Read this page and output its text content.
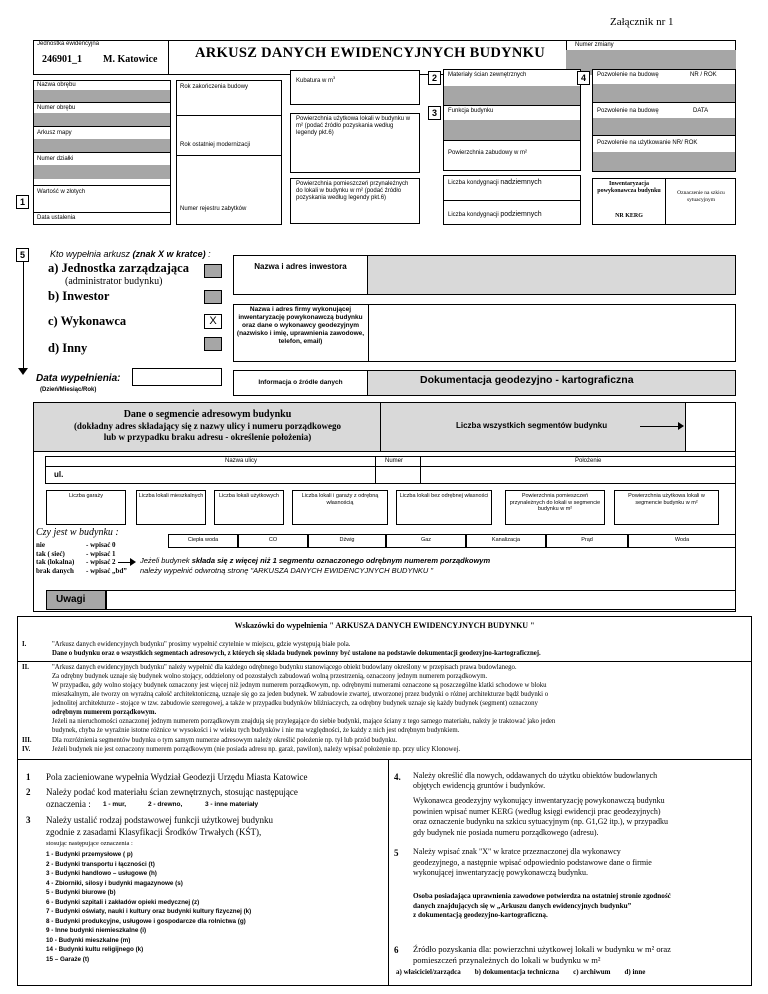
Załącznik nr 1
Jednostka ewidencyjna
246901_1 M. Katowice	ARKUSZ DANYCH EWIDENCYJNYCH BUDYNKU	Numer zmiany
Nazwa obrębu
Numer obrębu
Arkusz mapy
Numer działki
1
Wartość w złotych
Data ustalenia
Rok zakończenia budowy
Rok ostatniej modernizacji
Numer rejestru zabytków
Kubatura w $m^3$
Powierzchnia użytkowa lokali w budynku w m² (podać źródło pozyskania według legendy pkt.6)
Powierzchnia pomieszczeń przynależnych do lokali w budynku w m² (podać źródło pozyskania według legendy pkt.6)
2	Materiały ścian zewnętrznych
3	Funkcja budynku
Powierzchnia zabudowy w m²
Liczba kondygnacji nadziemnych
Liczba kondygnacji podziemnych
4	Pozwolenie na budowę	NR / ROK
Pozwolenie na budowę	DATA
Pozwolenie na użytkowanie NR/ ROK
Inwentaryzacja powykonawcza budynku
NR KERG
Oznaczenie na szkicu sytuacyjnym
5	Kto wypełnia arkusz (znak X w kratce) :
a) Jednostka zarządzająca
(administrator budynku)
b) Inwestor
c) Wykonawca	X
d) Inny
Nazwa i adres inwestora
Nazwa i adres firmy wykonującej inwentaryzację powykonawczą budynku oraz dane o wykonawcy geodezyjnym (nazwisko i imię, uprawnienia zawodowe, telefon, email)
Data wypełnienia:
(Dzień/Miesiąc/Rok)
Informacja o źródle danych	Dokumentacja geodezyjno - kartograficzna
Dane o segmencie adresowym budynku
(dokładny adres składający się z nazwy ulicy i numeru porządkowego
lub w przypadku braku adresu - określenie położenia)
Liczba wszystkich segmentów budynku
Nazwa ulicy	Numer	Położenie
ul.
Liczba garaży	Liczba lokali mieszkalnych	Liczba lokali użytkowych	Liczba lokali i garaży z odrębną własnością
Liczba lokali bez odrębnej własności	Powierzchnia pomieszczeń przynależnych do lokali w segmencie budynku w m²
Powierzchnia użytkowa lokali w segmencie budynku w m²
Czy jest w budynku :
nie	- wpisać 0
tak ( sieć)	- wpisać 1
tak (lokalna) - wpisać 2
brak danych - wpisać „bd”
Ciepła woda	CO	Dźwig	Gaz	Kanalizacja	Prąd	Woda
Jeżeli budynek składa się z więcej niż 1 segmentu oznaczonego odrębnym numerem porządkowym
należy wypełnić odwrotną stronę "ARKUSZA DANYCH EWIDENCYJNYCH BUDYNKU "
Uwagi
Wskazówki do wypełnienia " ARKUSZA DANYCH EWIDENCYJNYCH BUDYNKU "
I.	"Arkusz danych ewidencyjnych budynku" prosimy wypełnić czytelnie w miejscu, gdzie występują białe pola.
Dane o budynku oraz o wszystkich segmentach adresowych, z których się składa budynek powinny być ustalone na podstawie dokumentacji geodezyjno-kartograficznej.
II.	"Arkusz danych ewidencyjnych budynku" należy wypełnić dla każdego odrębnego budynku stanowiącego obiekt budowlany określony w przepisach prawa budowlanego.
Za odrębny budynek uznaje się budynek wolno stojący, oddzielony od pozostałych zabudowań wolną przestrzenią, oznaczony jednym numerem porządkowym.
W przypadku, gdy wolno stojący budynek oznaczony jest więcej niż jednym numerem porządkowym, np. odrębnymi numerami oznaczone są poszczególne klatki schodowe w bloku
mieszkalnym, ale tworzy on wyraźną całość architektoniczną, uznaje się go za jeden budynek. W zabudowie zwartej, utworzonej przez budynki o różnej architekturze bądź budynki o
jednolitej architekturze - stojące w tzw. zabudowie szeregowej, a także w przypadku budynków bliźniaczych, za odrębny budynek uznaje się każdy budynek (segment) oznaczony
odrębnym numerem porządkowym.
Jeżeli na nieruchomości oznaczonej jednym numerem porządkowym znajdują się przylegające do siebie budynki, mające ściany z tego samego materiału, należy je traktować jako jeden
budynek, chyba że wyraźnie istotne różnice w wysokości i w wieku tych budynków i nie ma względności, że każdy z nich jest odrębnym budynkiem.
III.	Dla rozróżnienia segmentów budynku o tym samym numerze adresowym należy określić położenie np. tył lub przód budynku.
IV.	Jeżeli budynek nie jest oznaczony numerem porządkowym (nie posiada adresu np. garaż, pawilon), należy wpisać położenie np. przy ulicy Klonowej.
1 Pola zacieniowane wypełnia Wydział Geodezji Urzędu Miasta Katowice
2 Należy podać kod materiału ścian zewnętrznych, stosując następujące
oznaczenia : 1 - mur,	2 - drewno,	3 - inne materiały
3 Należy ustalić rodzaj podstawowej funkcji użytkowej budynku
zgodnie z zasadami Klasyfikacji Środków Trwałych (KŚT),
stosując następujące oznaczenia :
1 - Budynki przemysłowe ( p)
2 - Budynki transportu i łączności (t)
3 - Budynki handlowo – usługowe (h)
4 - Zbiorniki, silosy i budynki magazynowe (s)
5 - Budynki biurowe (b)
6 - Budynki szpitali i zakładów opieki medycznej (z)
7 - Budynki oświaty, nauki i kultury oraz budynki kultury fizycznej (k)
8 - Budynki produkcyjne, usługowe i gospodarcze dla rolnictwa (g)
9 - Inne budynki niemieszkalne (i)
10 - Budynki mieszkalne (m)
14 - Budynki kultu religijnego (k)
15 – Garaże (t)
4. Należy określić dla nowych, oddawanych do użytku obiektów budowlanych
objętych ewidencją gruntów i budynków.
Wykonawca geodezyjny wykonujący inwentaryzację powykonawczą budynku
powinien wpisać numer KERG (według księgi ewidencji prac geodezyjnych)
oraz oznaczenie budynku na szkicu sytuacyjnym (np. G1,G2 itp.), w przypadku
gdy budynek nie posiada numeru porządkowego (adresu).
5 Należy wpisać znak "X" w kratce przeznaczonej dla wykonawcy
geodezyjnego, a następnie wpisać odpowiednio podstawowe dane o firmie
wykonującej inwentaryzację powykonawczą budynku.
Osoba posiadająca uprawnienia zawodowe potwierdza na ostatniej stronie zgodność
danych znajdujących się w „Arkuszu danych ewidencyjnych budynku”
z dokumentacją geodezyjno-kartograficzną.
6 Źródło pozyskania dla: powierzchni użytkowej lokali w budynku w m² oraz
pomieszczeń przynależnych do lokali w budynku w m²
a) właściciel/zarządca        b) dokumentacja techniczna        c) archiwum        d) inne
